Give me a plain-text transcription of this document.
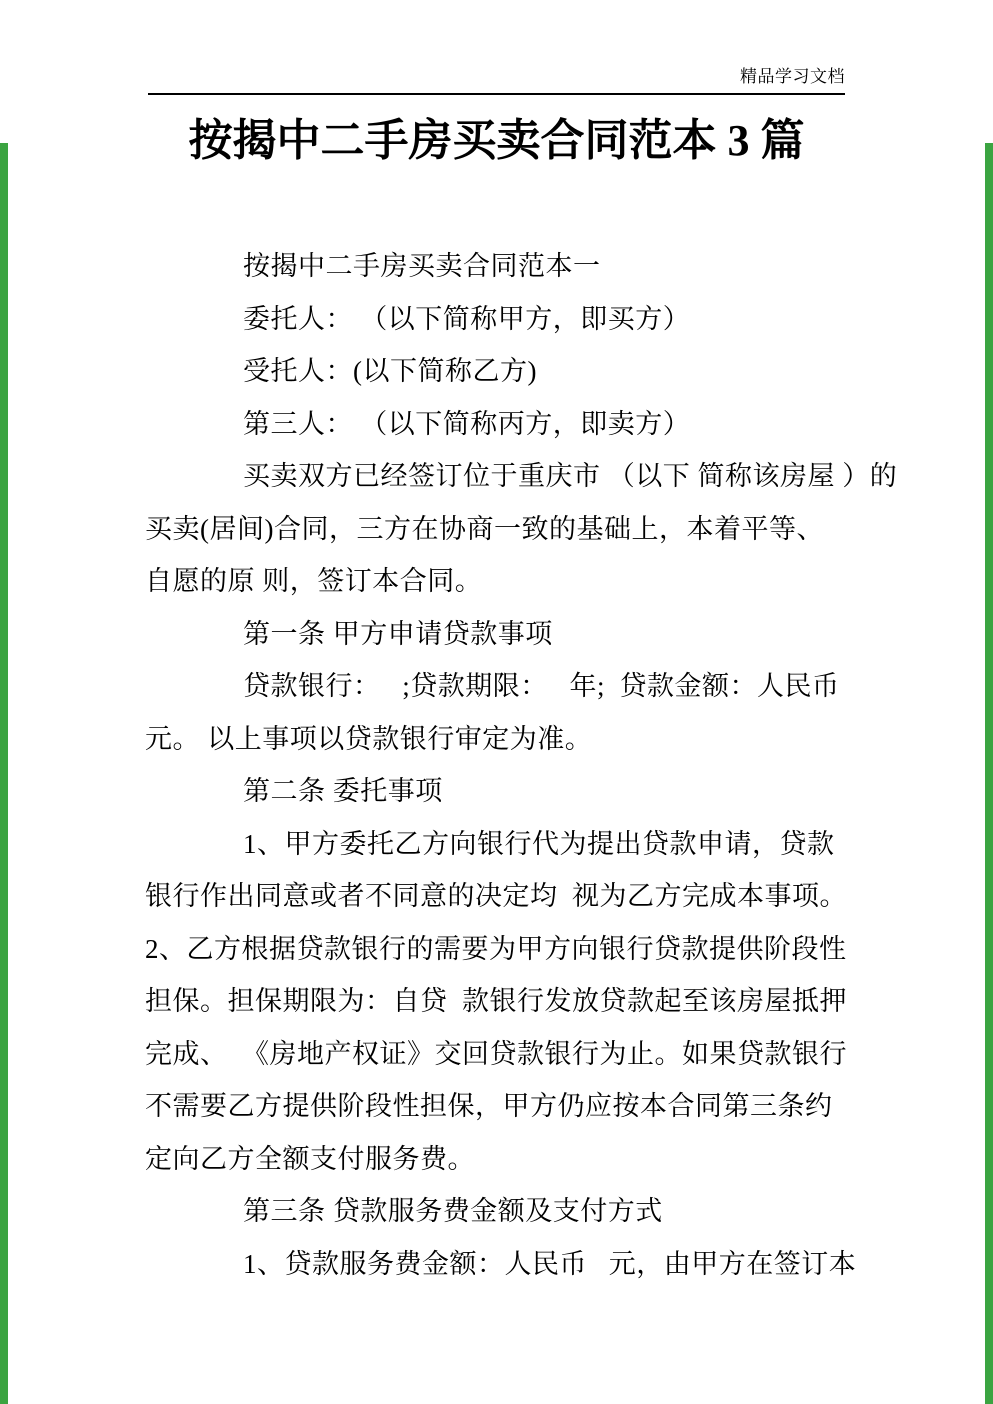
精品学习文档
按揭中二手房买卖合同范本 3 篇
按揭中二手房买卖合同范本一
委托人： （以下简称甲方，即买方）
受托人：(以下简称乙方)
第三人： （以下简称丙方，即卖方）
买卖双方已经签订位于重庆市 （以下 简称该房屋 ）的
买卖(居间)合同，三方在协商一致的基础上，本着平等、
自愿的原 则，签订本合同。
第一条 甲方申请贷款事项
贷款银行：   ;贷款期限：   年;  贷款金额：人民币
元。 以上事项以贷款银行审定为准。
第二条 委托事项
1、甲方委托乙方向银行代为提出贷款申请，贷款
银行作出同意或者不同意的决定均  视为乙方完成本事项。
2、乙方根据贷款银行的需要为甲方向银行贷款提供阶段性
担保。担保期限为：自贷  款银行发放贷款起至该房屋抵押
完成、  《房地产权证》交回贷款银行为止。如果贷款银行
不需要乙方提供阶段性担保，甲方仍应按本合同第三条约
定向乙方全额支付服务费。
第三条 贷款服务费金额及支付方式
1、贷款服务费金额：人民币   元，由甲方在签订本
